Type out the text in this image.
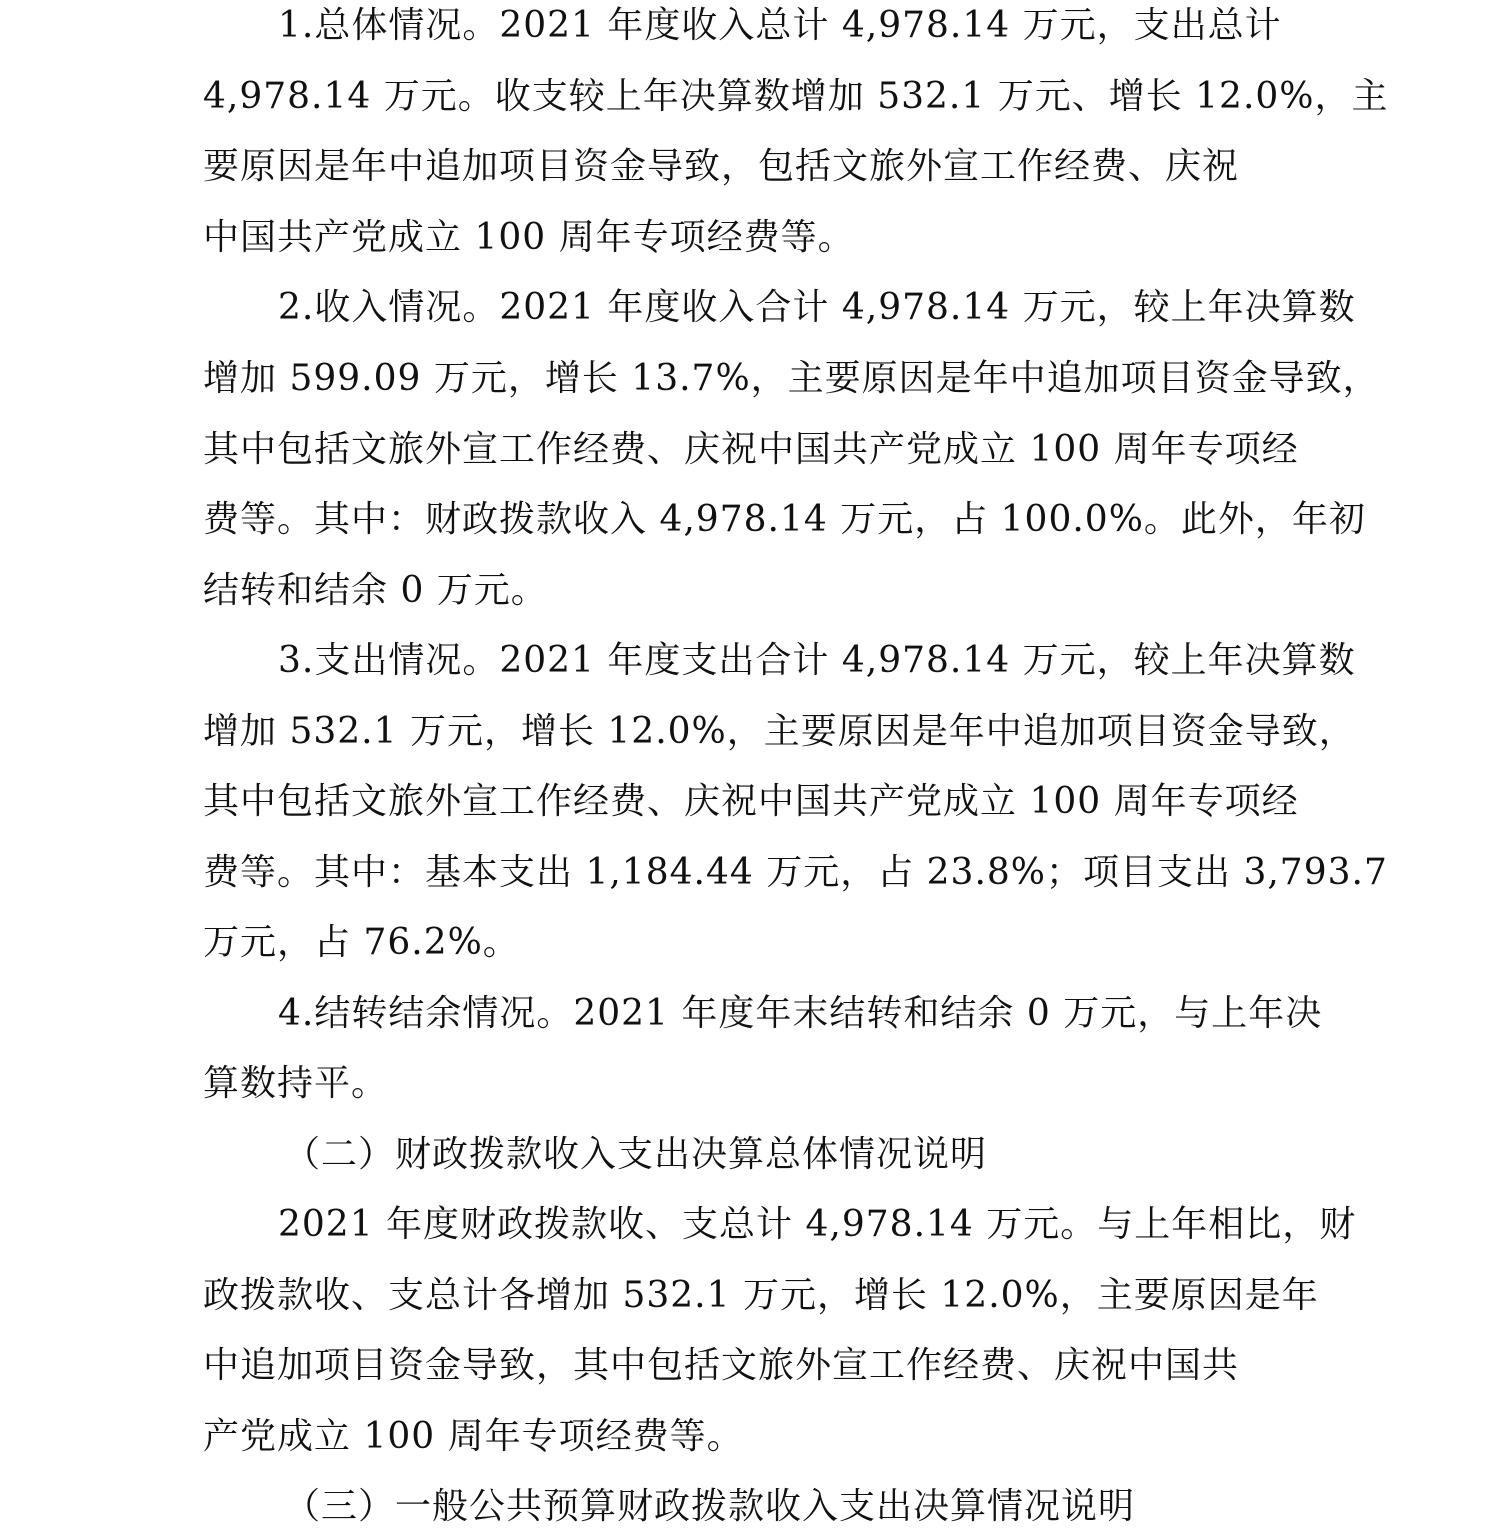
1.总体情况。2021 年度收入总计 4,978.14 万元，支出总计
4,978.14 万元。收支较上年决算数增加 532.1 万元、增长 12.0%，主
要原因是年中追加项目资金导致，包括文旅外宣工作经费、庆祝
中国共产党成立 100 周年专项经费等。
2.收入情况。2021 年度收入合计 4,978.14 万元，较上年决算数
增加 599.09 万元，增长 13.7%，主要原因是年中追加项目资金导致，
其中包括文旅外宣工作经费、庆祝中国共产党成立 100 周年专项经
费等。其中：财政拨款收入 4,978.14 万元，占 100.0%。此外，年初
结转和结余 0 万元。
3.支出情况。2021 年度支出合计 4,978.14 万元，较上年决算数
增加 532.1 万元，增长 12.0%，主要原因是年中追加项目资金导致，
其中包括文旅外宣工作经费、庆祝中国共产党成立 100 周年专项经
费等。其中：基本支出 1,184.44 万元，占 23.8%；项目支出 3,793.7
万元，占 76.2%。
4.结转结余情况。2021 年度年末结转和结余 0 万元，与上年决
算数持平。
（二）财政拨款收入支出决算总体情况说明
2021 年度财政拨款收、支总计 4,978.14 万元。与上年相比，财
政拨款收、支总计各增加 532.1 万元，增长 12.0%，主要原因是年
中追加项目资金导致，其中包括文旅外宣工作经费、庆祝中国共
产党成立 100 周年专项经费等。
（三）一般公共预算财政拨款收入支出决算情况说明
